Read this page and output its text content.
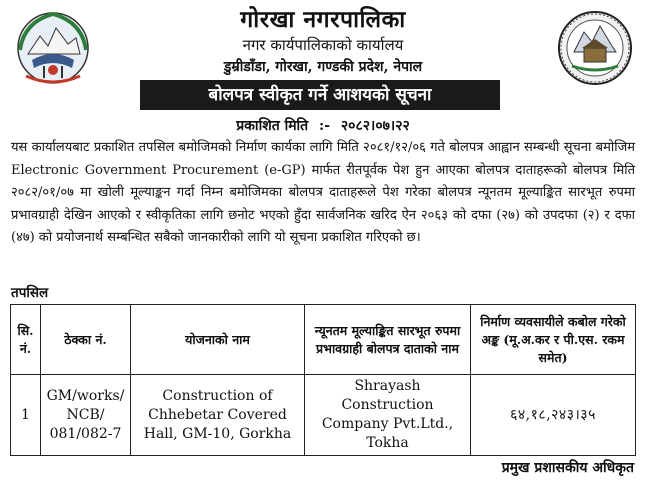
गोरखा नगरपालिका
नगर कार्यपालिकाको कार्यालय
डुम्रीडाँडा, गोरखा, गण्डकी प्रदेश, नेपाल
बोलपत्र स्वीकृत गर्ने आशयको सूचना
प्रकाशित मिति :- २०८२।०७।२२

यस कार्यालयबाट प्रकाशित तपसिल बमोजिमको निर्माण कार्यका लागि मिति २०८१/१२/०६ गते बोलपत्र आह्वान सम्बन्धी सूचना बमोजिम Electronic Government Procurement (e-GP) मार्फत रीतपूर्वक पेश हुन आएका बोलपत्र दाताहरूको बोलपत्र मिति २०८२/०१/०७ मा खोली मूल्याङ्कन गर्दा निम्न बमोजिमका बोलपत्र दाताहरूले पेश गरेका बोलपत्र न्यूनतम मूल्याङ्कित सारभूत रुपमा प्रभावग्राही देखिन आएको र स्वीकृतिका लागि छनोट भएको हुँदा सार्वजनिक खरिद ऐन २०६३ को दफा (२७) को उपदफा (२) र दफा (४७) को प्रयोजनार्थ सम्बन्धित सबैको जानकारीको लागि यो सूचना प्रकाशित गरिएको छ।

तपसिल
सि. नं.	ठेक्का नं.	योजनाको नाम	न्यूनतम मूल्याङ्कित सारभूत रुपमा प्रभावग्राही बोलपत्र दाताको नाम	निर्माण व्यवसायीले कबोल गरेको अङ्क (मू.अ.कर र पी.एस. रकम समेत)
1	GM/works/ NCB/ 081/082-7	Construction of Chhebetar Covered Hall, GM-10, Gorkha	Shrayash Construction Company Pvt.Ltd., Tokha	६४,१८,२४३।३५
प्रमुख प्रशासकीय अधिकृत
